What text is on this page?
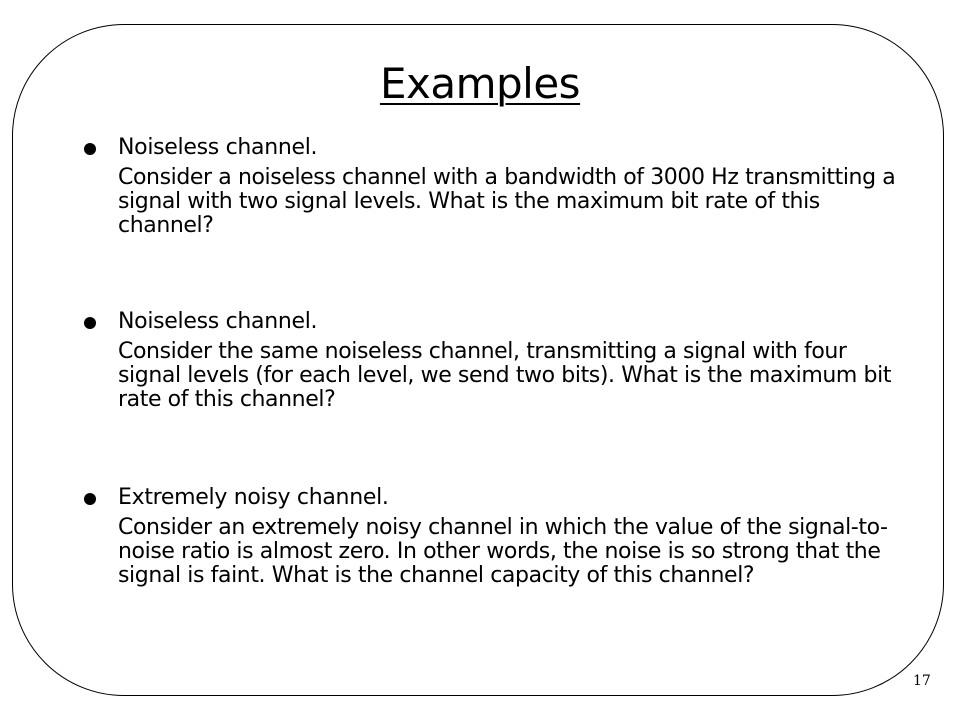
Examples
Noiseless channel.
Consider a noiseless channel with a bandwidth of 3000 Hz transmitting a signal with two signal levels. What is the maximum bit rate of this channel?
Noiseless channel.
Consider the same noiseless channel, transmitting a signal with four signal levels (for each level, we send two bits). What is the maximum bit rate of this channel?
Extremely noisy channel.
Consider an extremely noisy channel in which the value of the signal-to-noise ratio is almost zero. In other words, the noise is so strong that the signal is faint. What is the channel capacity of this channel?
17
